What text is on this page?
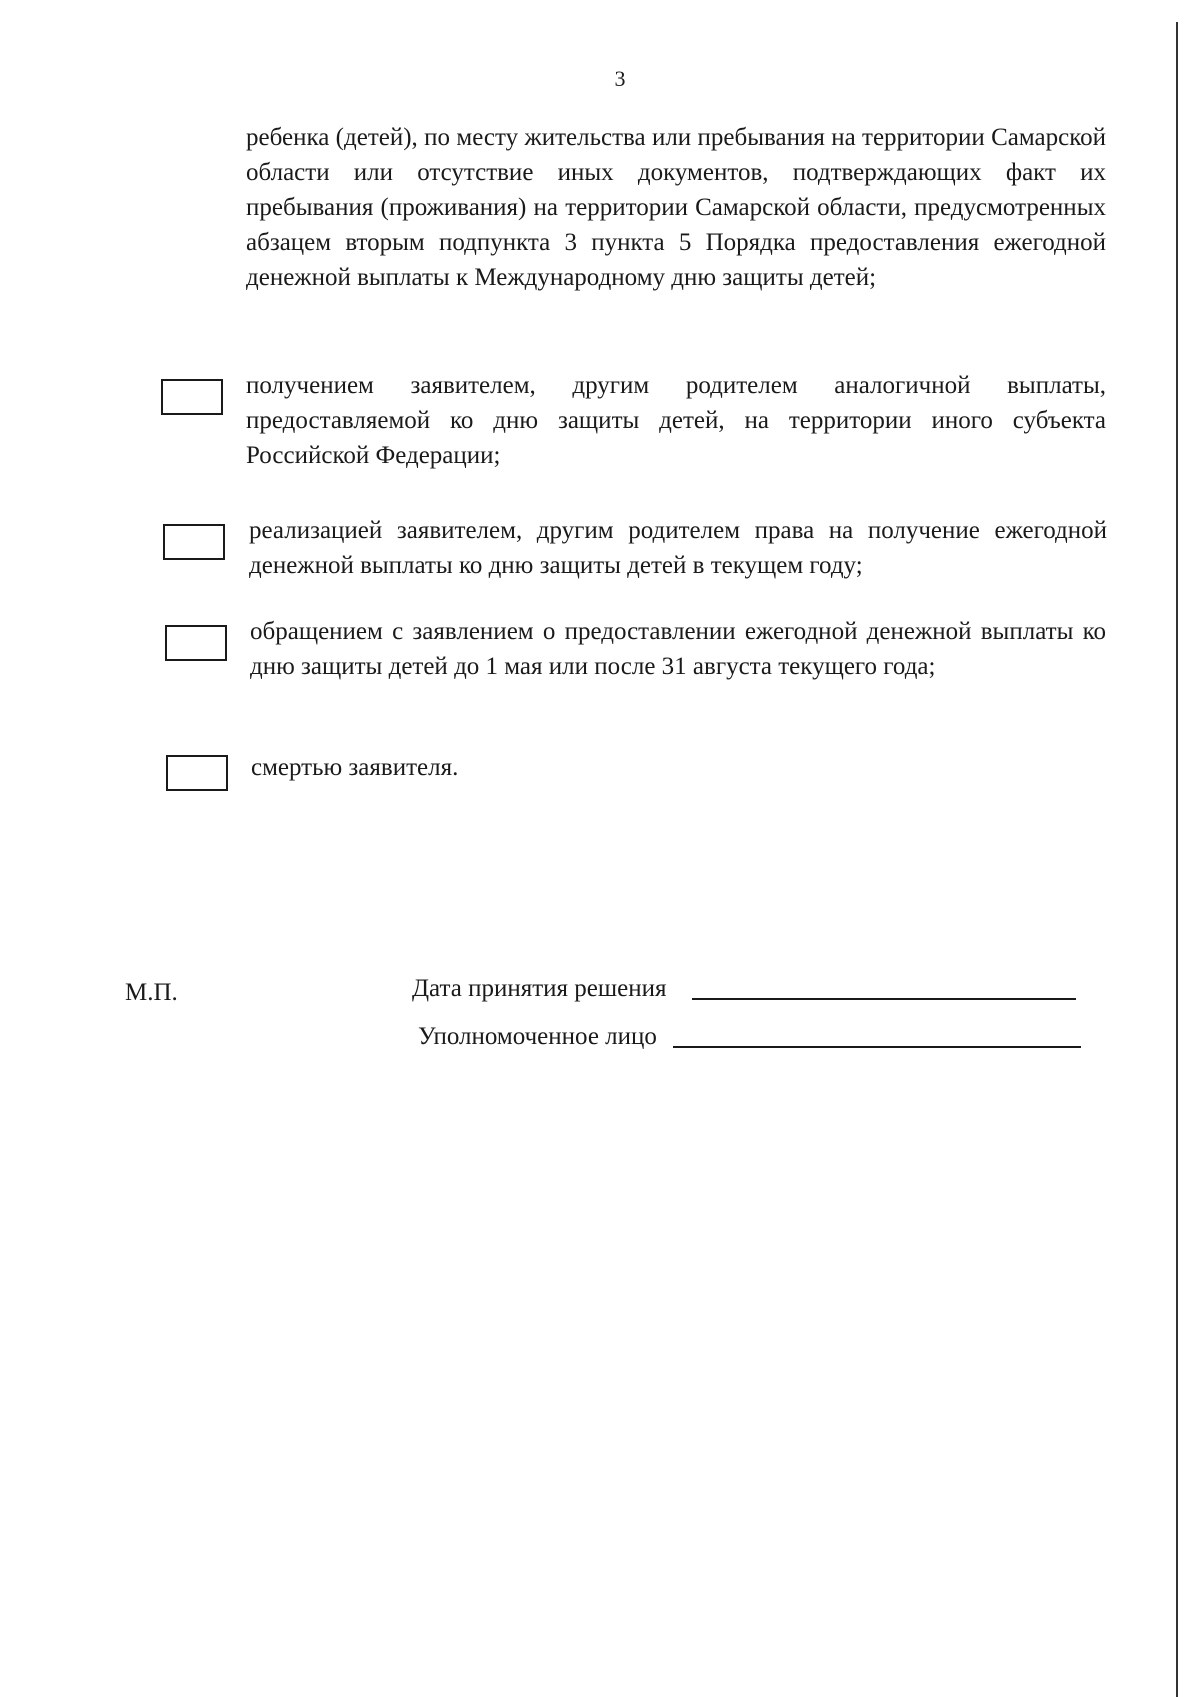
3

ребенка (детей), по месту жительства или пребывания на территории Самарской области или отсутствие иных документов, подтверждающих факт их пребывания (проживания) на территории Самарской области, предусмотренных абзацем вторым подпункта 3 пункта 5 Порядка предоставления ежегодной денежной выплаты к Международному дню защиты детей;

получением заявителем, другим родителем аналогичной выплаты, предоставляемой ко дню защиты детей, на территории иного субъекта Российской Федерации;

реализацией заявителем, другим родителем права на получение ежегодной денежной выплаты ко дню защиты детей в текущем году;

обращением с заявлением о предоставлении ежегодной денежной выплаты ко дню защиты детей до 1 мая или после 31 августа текущего года;

смертью заявителя.

М.П.	Дата принятия решения
Уполномоченное лицо
